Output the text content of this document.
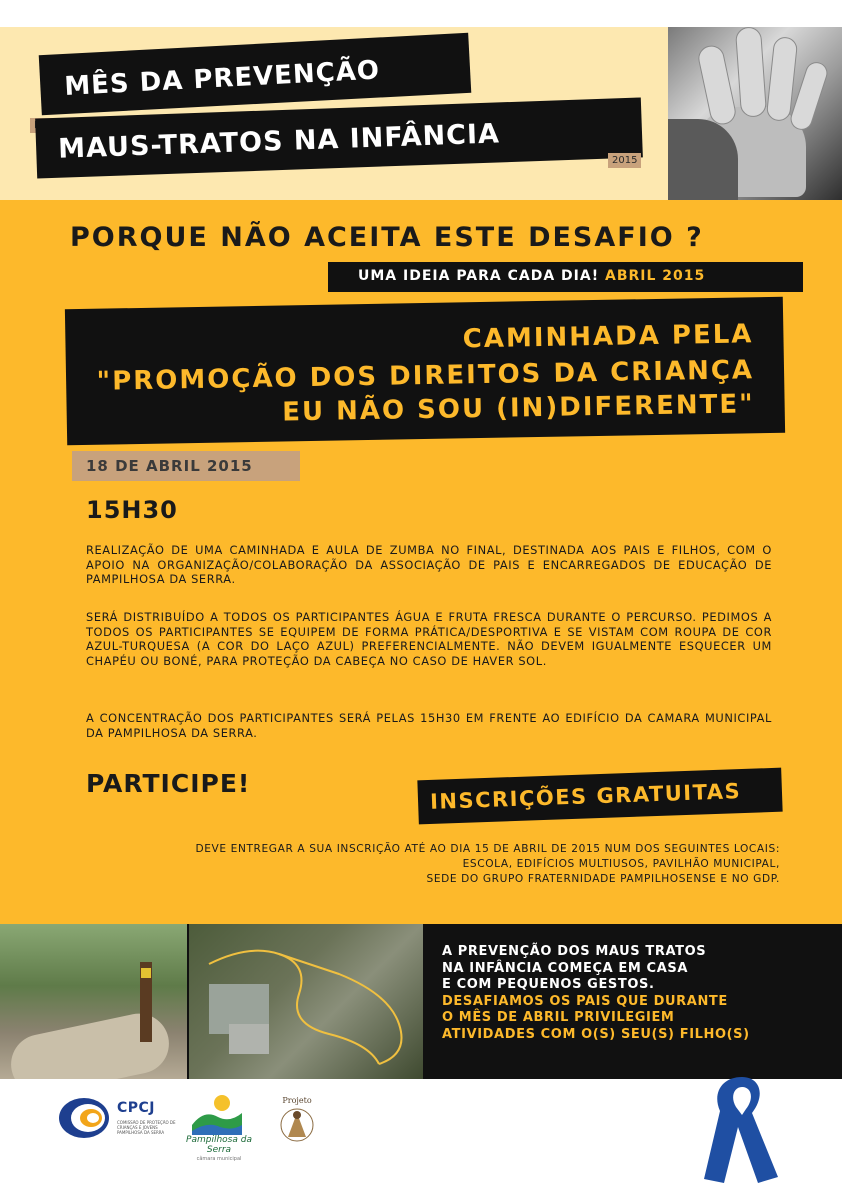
MÊS DA PREVENÇÃO
MAUS-TRATOS NA INFÂNCIA	2015
PORQUE NÃO ACEITA ESTE DESAFIO ?
UMA IDEIA PARA CADA DIA! ABRIL 2015
CAMINHADA PELA
"PROMOÇÃO DOS DIREITOS DA CRIANÇA
EU NÃO SOU (IN)DIFERENTE"
18 DE ABRIL 2015
15H30
REALIZAÇÃO DE UMA CAMINHADA E AULA DE ZUMBA NO FINAL, DESTINADA AOS PAIS E FILHOS, COM O APOIO NA ORGANIZAÇÃO/COLABORAÇÃO DA ASSOCIAÇÃO DE PAIS E ENCARREGADOS DE EDUCAÇÃO DE PAMPILHOSA DA SERRA.
SERÁ DISTRIBUÍDO A TODOS OS PARTICIPANTES ÁGUA E FRUTA FRESCA DURANTE O PERCURSO. PEDIMOS A TODOS OS PARTICIPANTES SE EQUIPEM DE FORMA PRÁTICA/DESPORTIVA E SE VISTAM COM ROUPA DE COR AZUL-TURQUESA (A COR DO LAÇO AZUL) PREFERENCIALMENTE. NÃO DEVEM IGUALMENTE ESQUECER UM CHAPÉU OU BONÉ, PARA PROTEÇÃO DA CABEÇA NO CASO DE HAVER SOL.
A CONCENTRAÇÃO DOS PARTICIPANTES SERÁ PELAS 15H30 EM FRENTE AO EDIFÍCIO DA CAMARA MUNICIPAL DA PAMPILHOSA DA SERRA.
PARTICIPE!	INSCRIÇÕES GRATUITAS
DEVE ENTREGAR A SUA INSCRIÇÃO ATÉ AO DIA 15 DE ABRIL DE 2015 NUM DOS SEGUINTES LOCAIS:
ESCOLA, EDIFÍCIOS MULTIUSOS, PAVILHÃO MUNICIPAL,
SEDE DO GRUPO FRATERNIDADE PAMPILHOSENSE E NO GDP.
A PREVENÇÃO DOS MAUS TRATOS
NA INFÂNCIA COMEÇA EM CASA
E COM PEQUENOS GESTOS.
DESAFIAMOS OS PAIS QUE DURANTE
O MÊS DE ABRIL PRIVILEGIEM
ATIVIDADES COM O(S) SEU(S) FILHO(S)
CPCJ
COMISSÃO DE PROTEÇÃO DE CRIANÇAS E JOVENS PAMPILHOSA DA SERRA
Pampilhosa da Serra
câmara municipal
Projeto
